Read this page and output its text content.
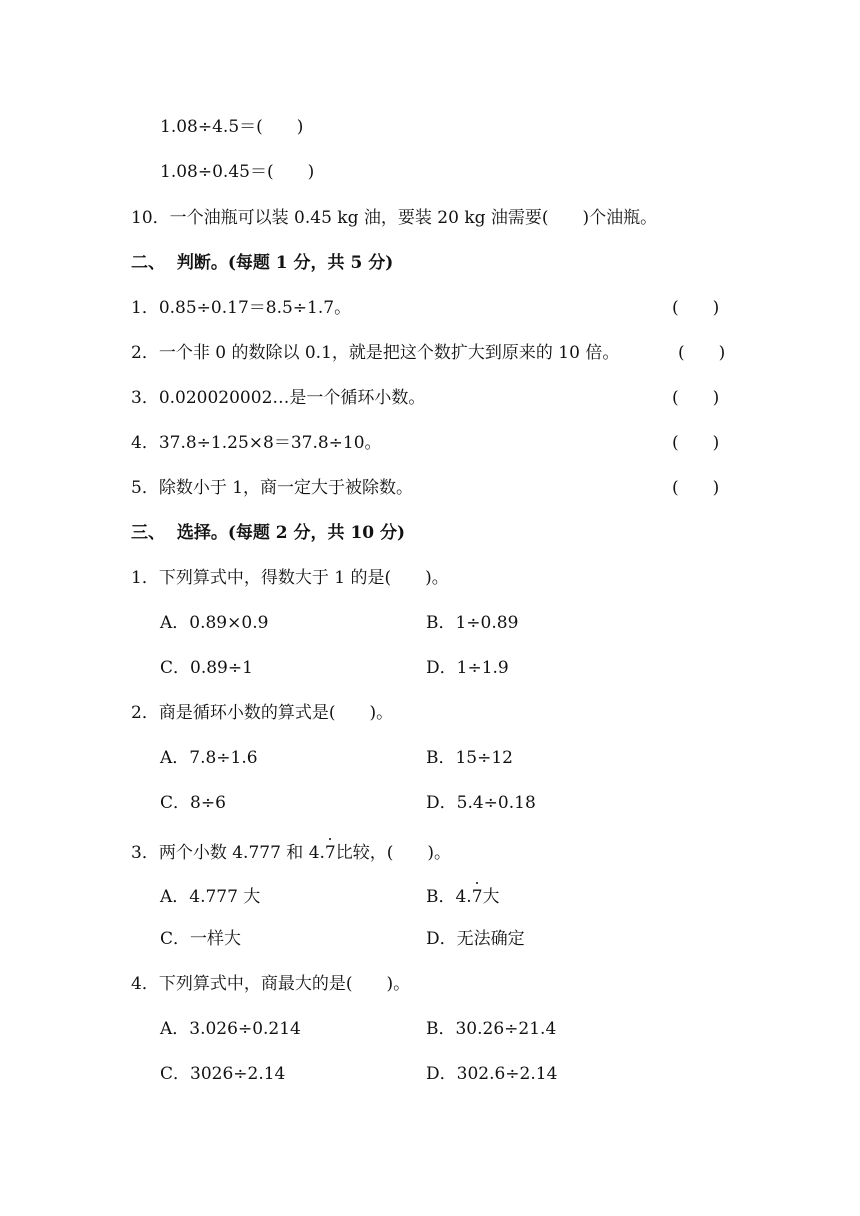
1.08÷4.5＝(　　)
1.08÷0.45＝(　　)
10．一个油瓶可以装 0.45 kg 油，要装 20 kg 油需要(　　)个油瓶。
二、  判断。(每题 1 分，共 5 分)
1．0.85÷0.17＝8.5÷1.7。	(　　)
2．一个非 0 的数除以 0.1，就是把这个数扩大到原来的 10 倍。	(　　)
3．0.020020002…是一个循环小数。	(　　)
4．37.8÷1.25×8＝37.8÷10。	(　　)
5．除数小于 1，商一定大于被除数。	(　　)
三、  选择。(每题 2 分，共 10 分)
1．下列算式中，得数大于 1 的是(　　)。
A．0.89×0.9	B．1÷0.89
C．0.89÷1	D．1÷1.9
2．商是循环小数的算式是(　　)。
A．7.8÷1.6	B．15÷12
C．8÷6	D．5.4÷0.18
3．两个小数 4.777 和 4.7比较，(　　)。
A．4.777 大	B．4.7大
C．一样大	D．无法确定
4．下列算式中，商最大的是(　　)。
A．3.026÷0.214	B．30.26÷21.4
C．3026÷2.14	D．302.6÷2.14
